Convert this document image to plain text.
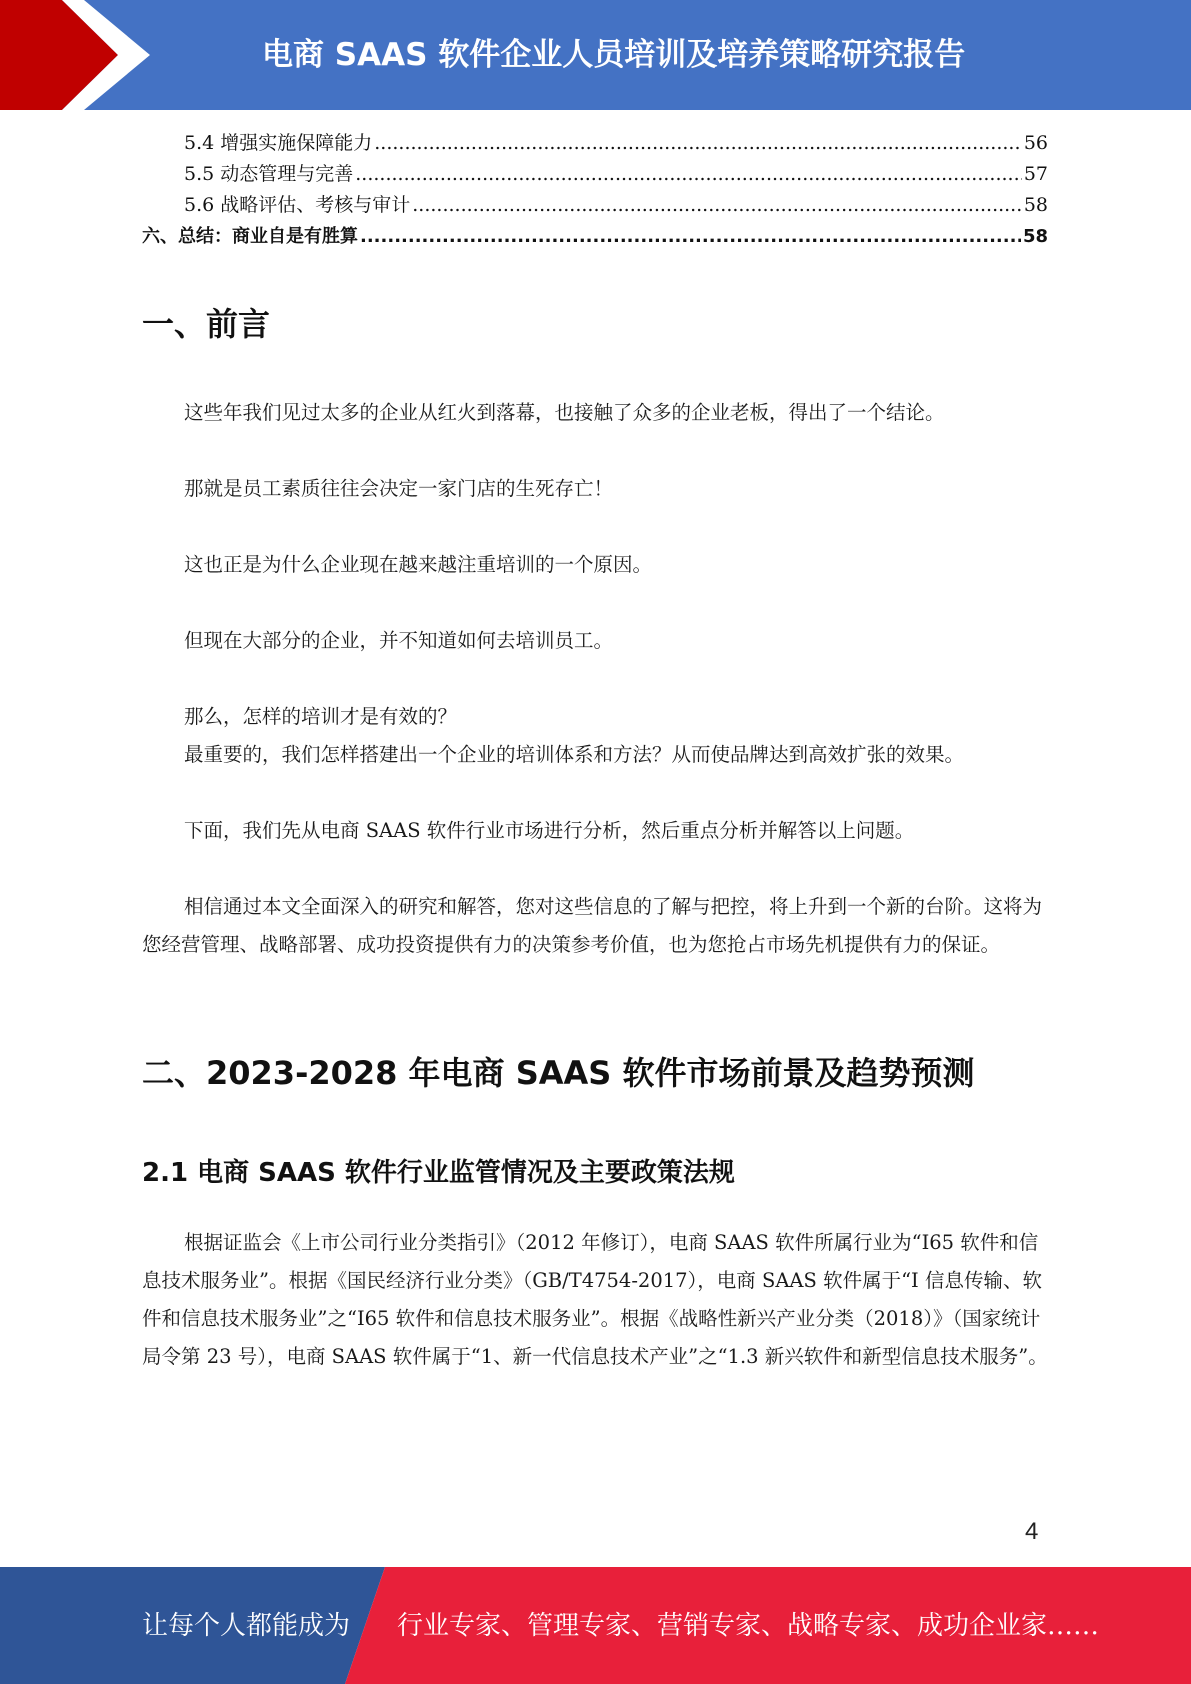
电商 SAAS 软件企业人员培训及培养策略研究报告
5.4 增强实施保障能力 .....	56
5.5 动态管理与完善 .....	57
5.6 战略评估、考核与审计 .....	58
六、总结：商业自是有胜算 .....	58
一、前言
这些年我们见过太多的企业从红火到落幕，也接触了众多的企业老板，得出了一个结论。
那就是员工素质往往会决定一家门店的生死存亡！
这也正是为什么企业现在越来越注重培训的一个原因。
但现在大部分的企业，并不知道如何去培训员工。
那么，怎样的培训才是有效的？
最重要的，我们怎样搭建出一个企业的培训体系和方法？从而使品牌达到高效扩张的效果。
下面，我们先从电商 SAAS 软件行业市场进行分析，然后重点分析并解答以上问题。
相信通过本文全面深入的研究和解答，您对这些信息的了解与把控，将上升到一个新的台阶。这将为您经营管理、战略部署、成功投资提供有力的决策参考价值，也为您抢占市场先机提供有力的保证。
二、2023-2028 年电商 SAAS 软件市场前景及趋势预测
2.1 电商 SAAS 软件行业监管情况及主要政策法规
根据证监会《上市公司行业分类指引》（2012 年修订），电商 SAAS 软件所属行业为“I65 软件和信息技术服务业”。根据《国民经济行业分类》（GB/T4754-2017），电商 SAAS 软件属于“I 信息传输、软件和信息技术服务业”之“I65 软件和信息技术服务业”。根据《战略性新兴产业分类（2018）》（国家统计局令第 23 号），电商 SAAS 软件属于“1、新一代信息技术产业”之“1.3 新兴软件和新型信息技术服务”。
4
让每个人都能成为 行业专家、管理专家、营销专家、战略专家、成功企业家……
